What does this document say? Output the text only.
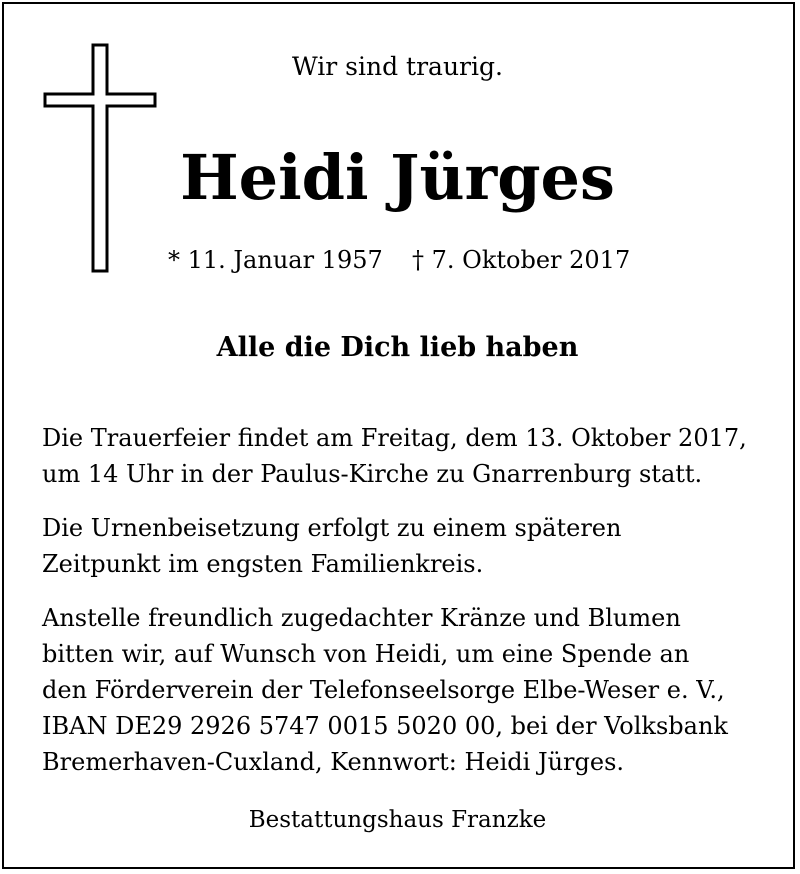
Wir sind traurig.
Heidi Jürges
* 11. Januar 1957 † 7. Oktober 2017
Alle die Dich lieb haben
Die Trauerfeier findet am Freitag, dem 13. Oktober 2017,
um 14 Uhr in der Paulus-Kirche zu Gnarrenburg statt.
Die Urnenbeisetzung erfolgt zu einem späteren
Zeitpunkt im engsten Familienkreis.
Anstelle freundlich zugedachter Kränze und Blumen
bitten wir, auf Wunsch von Heidi, um eine Spende an
den Förderverein der Telefonseelsorge Elbe-Weser e. V.,
IBAN DE29 2926 5747 0015 5020 00, bei der Volksbank
Bremerhaven-Cuxland, Kennwort: Heidi Jürges.
Bestattungshaus Franzke
